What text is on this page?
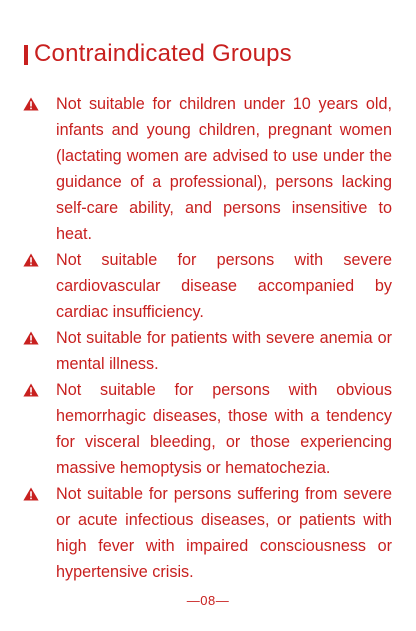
Contraindicated Groups
Not suitable for children under 10 years old, infants and young children, pregnant women (lactating women are advised to use under the guidance of a professional), persons lacking self-care ability, and persons insensitive to heat.
Not suitable for persons with severe cardiovascular disease accompanied by cardiac insufficiency.
Not suitable for patients with severe anemia or mental illness.
Not suitable for persons with obvious hemorrhagic diseases, those with a tendency for visceral bleeding, or those experiencing massive hemoptysis or hematochezia.
Not suitable for persons suffering from severe or acute infectious diseases, or patients with high fever with impaired consciousness or hypertensive crisis.
—08—
